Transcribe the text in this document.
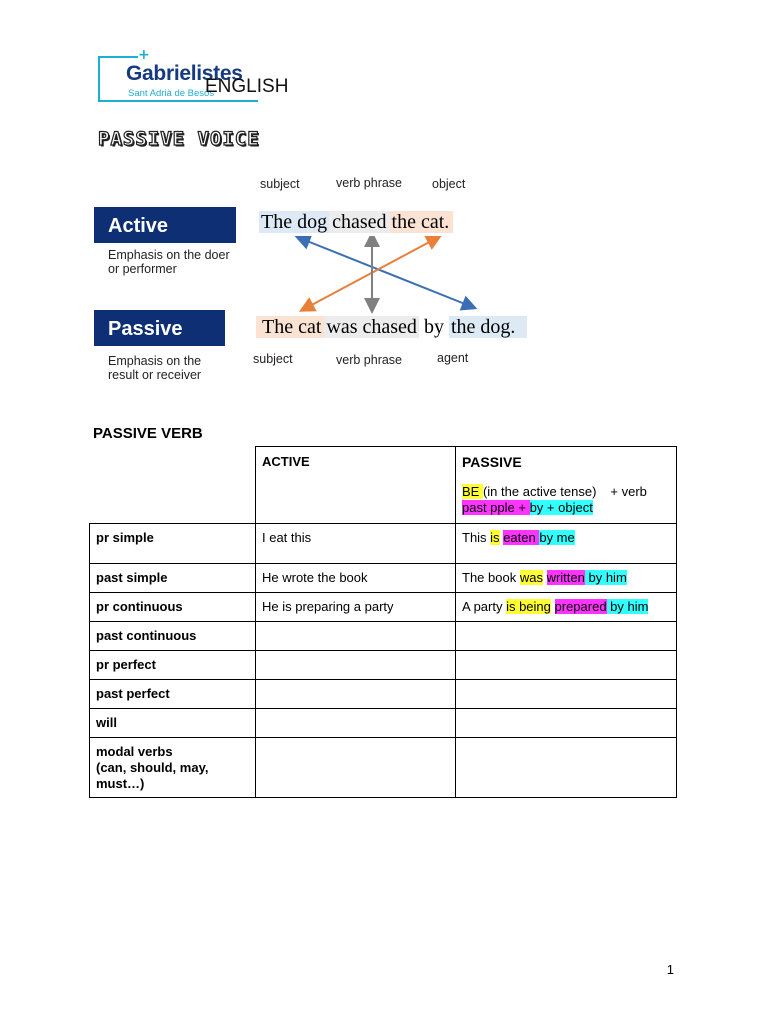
+
Gabrielistes
Sant Adrià de Besòs
ENGLISH
PASSIVE VOICE
subject	verb phrase object
Active
Emphasis on the doer or performer
The dog chased the cat.
Passive
Emphasis on the result or receiver
The cat was chased by the dog.
subject	verb phrase	agent
PASSIVE VERB
	ACTIVE	PASSIVE
BE (in the active tense) + verb
past pple + by + object

pr simple	I eat this	This is eaten by me
past simple	He wrote the book	The book was written by him
pr continuous	He is preparing a party	A party is being prepared by him
past continuous		
pr perfect		
past perfect		
will		
modal verbs
(can, should, may, must…)		
1
